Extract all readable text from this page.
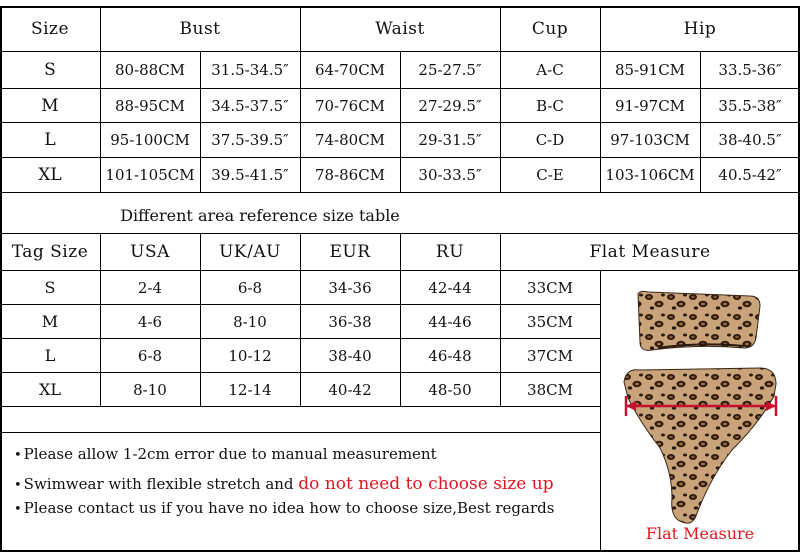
Size	Bust	Waist	Cup	Hip
S	80-88CM	31.5-34.5″	64-70CM	25-27.5″	A-C	85-91CM	33.5-36″
M	88-95CM	34.5-37.5″	70-76CM	27-29.5″	B-C	91-97CM	35.5-38″
L	95-100CM	37.5-39.5″	74-80CM	29-31.5″	C-D	97-103CM	38-40.5″
XL	101-105CM	39.5-41.5″	78-86CM	30-33.5″	C-E	103-106CM	40.5-42″
Different area reference size table
Tag Size	USA	UK/AU	EUR	RU	Flat Measure
S	2-4	6-8	34-36	42-44	33CM
M	4-6	8-10	36-38	44-46	35CM
L	6-8	10-12	38-40	46-48	37CM
XL	8-10	12-14	40-42	48-50	38CM
• Please allow 1-2cm error due to manual measurement
• Swimwear with flexible stretch and do not need to choose size up
• Please contact us if you have no idea how to choose size,Best regards
Flat Measure
